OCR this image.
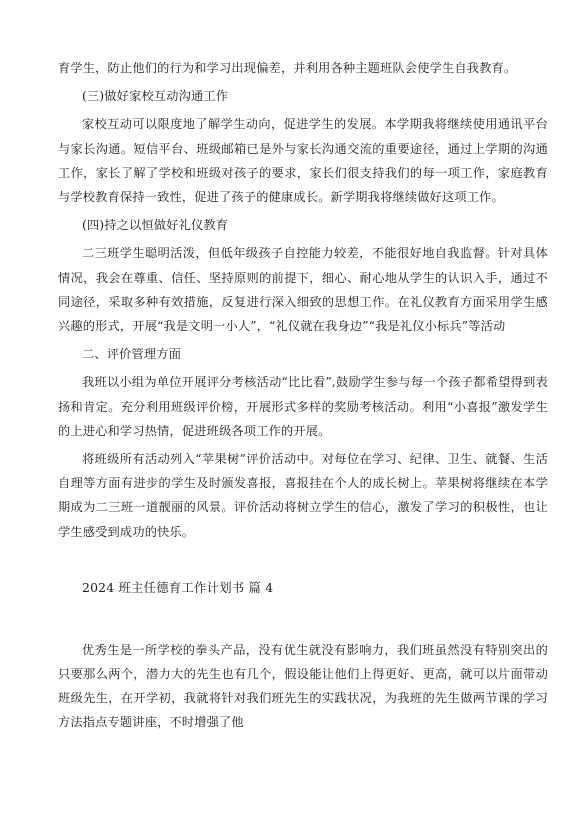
育学生，防止他们的行为和学习出现偏差，并利用各种主题班队会使学生自我教育。

(三)做好家校互动沟通工作

家校互动可以限度地了解学生动向，促进学生的发展。本学期我将继续使用通讯平台与家长沟通。短信平台、班级邮箱已是外与家长沟通交流的重要途径，通过上学期的沟通工作，家长了解了学校和班级对孩子的要求，家长们很支持我们的每一项工作，家庭教育与学校教育保持一致性，促进了孩子的健康成长。新学期我将继续做好这项工作。

(四)持之以恒做好礼仪教育

二三班学生聪明活泼，但低年级孩子自控能力较差，不能很好地自我监督。针对具体情况，我会在尊重、信任、坚持原则的前提下，细心、耐心地从学生的认识入手，通过不同途径，采取多种有效措施，反复进行深入细致的思想工作。在礼仪教育方面采用学生感兴趣的形式，开展“我是文明一小人”，“礼仪就在我身边”“我是礼仪小标兵”等活动

二、评价管理方面

我班以小组为单位开展评分考核活动“比比看”,鼓励学生参与每一个孩子都希望得到表扬和肯定。充分利用班级评价榜，开展形式多样的奖励考核活动。利用“小喜报”激发学生的上进心和学习热情，促进班级各项工作的开展。

将班级所有活动列入“苹果树”评价活动中。对每位在学习、纪律、卫生、就餐、生活自理等方面有进步的学生及时颁发喜报，喜报挂在个人的成长树上。苹果树将继续在本学期成为二三班一道靓丽的风景。评价活动将树立学生的信心，激发了学习的积极性，也让学生感受到成功的快乐。

2024 班主任德育工作计划书 篇 4

优秀生是一所学校的拳头产品，没有优生就没有影响力，我们班虽然没有特别突出的只要那么两个，潜力大的先生也有几个，假设能让他们上得更好、更高，就可以片面带动班级先生，在开学初，我就将针对我们班先生的实践状况，为我班的先生做两节课的学习方法指点专题讲座，不时增强了他
